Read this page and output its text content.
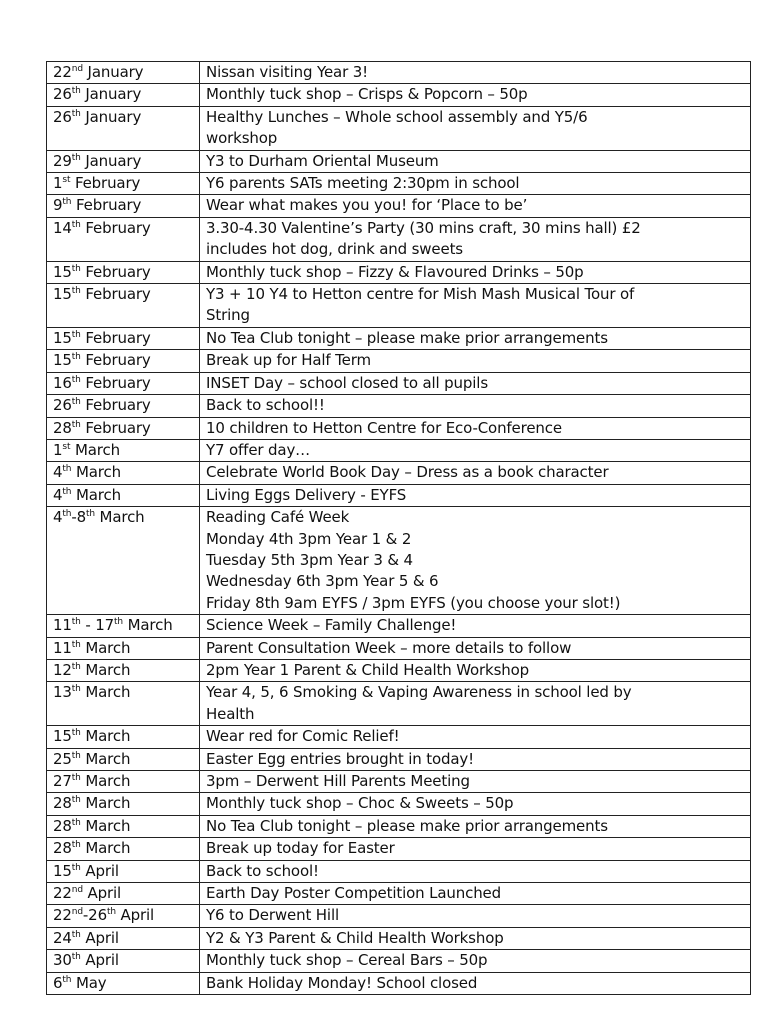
22nd January	Nissan visiting Year 3!

26th January	Monthly tuck shop – Crisps & Popcorn – 50p

26th January	Healthy Lunches – Whole school assembly and Y5/6
workshop

29th January	Y3 to Durham Oriental Museum

1st February	Y6 parents SATs meeting 2:30pm in school

9th February	Wear what makes you you! for ‘Place to be’

14th February	3.30-4.30 Valentine’s Party (30 mins craft, 30 mins hall) £2
includes hot dog, drink and sweets

15th February	Monthly tuck shop – Fizzy & Flavoured Drinks – 50p

15th February	Y3 + 10 Y4 to Hetton centre for Mish Mash Musical Tour of
String

15th February	No Tea Club tonight – please make prior arrangements

15th February	Break up for Half Term

16th February	INSET Day – school closed to all pupils

26th February	Back to school!!

28th February	10 children to Hetton Centre for Eco-Conference

1st March	Y7 offer day…

4th March	Celebrate World Book Day – Dress as a book character

4th March	Living Eggs Delivery - EYFS

4th-8th March	Reading Café Week
Monday 4th 3pm Year 1 & 2
Tuesday 5th 3pm Year 3 & 4
Wednesday 6th 3pm Year 5 & 6
Friday 8th 9am EYFS / 3pm EYFS (you choose your slot!)

11th - 17th March	Science Week – Family Challenge!

11th March	Parent Consultation Week – more details to follow

12th March	2pm Year 1 Parent & Child Health Workshop

13th March	Year 4, 5, 6 Smoking & Vaping Awareness in school led by
Health

15th March	Wear red for Comic Relief!

25th March	Easter Egg entries brought in today!

27th March	3pm – Derwent Hill Parents Meeting

28th March	Monthly tuck shop – Choc & Sweets – 50p

28th March	No Tea Club tonight – please make prior arrangements

28th March	Break up today for Easter

15th April	Back to school!

22nd April	Earth Day Poster Competition Launched

22nd-26th April	Y6 to Derwent Hill

24th April	Y2 & Y3 Parent & Child Health Workshop

30th April	Monthly tuck shop – Cereal Bars – 50p

6th May	Bank Holiday Monday! School closed
